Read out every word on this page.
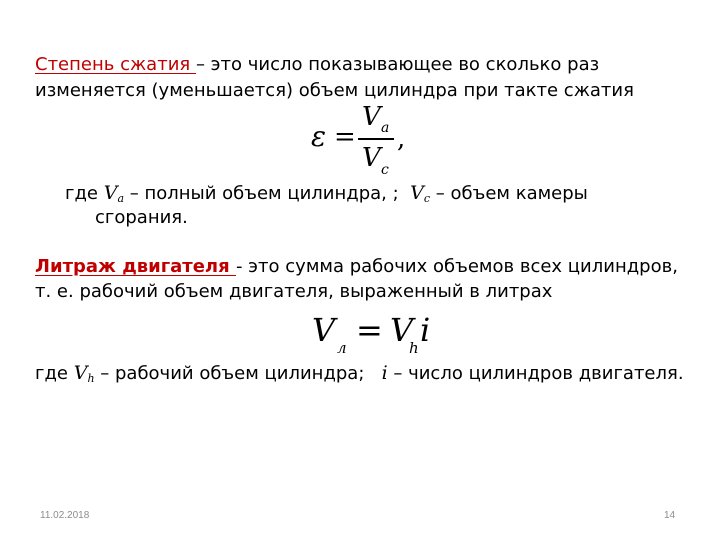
Степень сжатия – это число показывающее во сколько раз
изменяется (уменьшается) объем цилиндра при такте сжатия
ε =
V a
V c
,
где Va – полный объем цилиндра, ; Vc – объем камеры
сгорания.
Литраж двигателя - это сумма рабочих объемов всех цилиндров,
т. е. рабочий объем двигателя, выраженный в литрах
V л = V
h i
где Vh – рабочий объем цилиндра; i – число цилиндров двигателя.
11.02.2018	14
